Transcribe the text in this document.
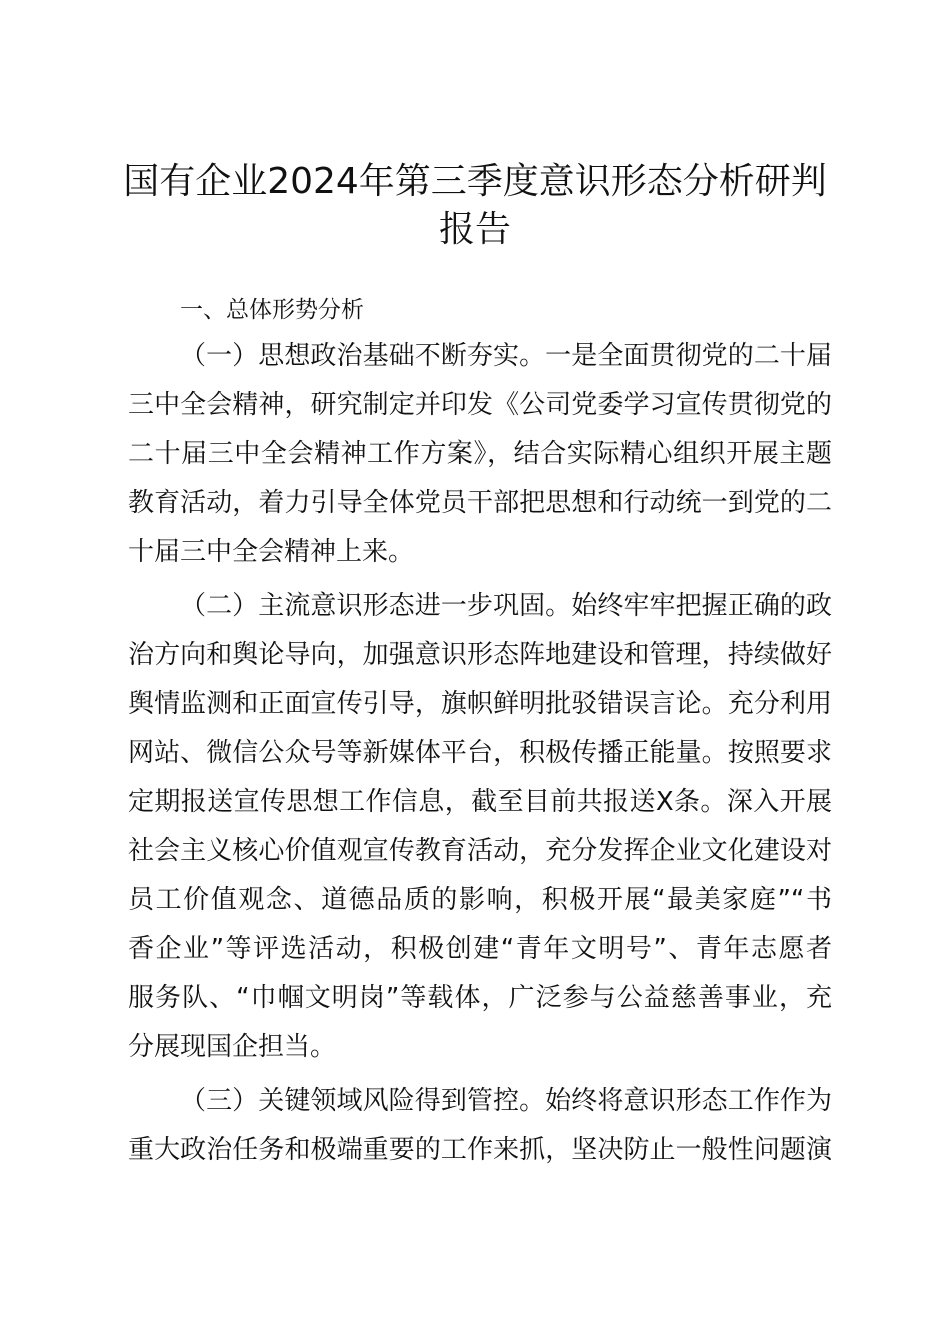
国有企业2024年第三季度意识形态分析研判
报告
一、总体形势分析
（一）思想政治基础不断夯实。一是全面贯彻党的二十届
三中全会精神，研究制定并印发《公司党委学习宣传贯彻党的
二十届三中全会精神工作方案》，结合实际精心组织开展主题
教育活动，着力引导全体党员干部把思想和行动统一到党的二
十届三中全会精神上来。
（二）主流意识形态进一步巩固。始终牢牢把握正确的政
治方向和舆论导向，加强意识形态阵地建设和管理，持续做好
舆情监测和正面宣传引导，旗帜鲜明批驳错误言论。充分利用
网站、微信公众号等新媒体平台，积极传播正能量。按照要求
定期报送宣传思想工作信息，截至目前共报送X条。深入开展
社会主义核心价值观宣传教育活动，充分发挥企业文化建设对
员工价值观念、道德品质的影响，积极开展“最美家庭”“书
香企业”等评选活动，积极创建“青年文明号”、青年志愿者
服务队、“巾帼文明岗”等载体，广泛参与公益慈善事业，充
分展现国企担当。
（三）关键领域风险得到管控。始终将意识形态工作作为
重大政治任务和极端重要的工作来抓，坚决防止一般性问题演
